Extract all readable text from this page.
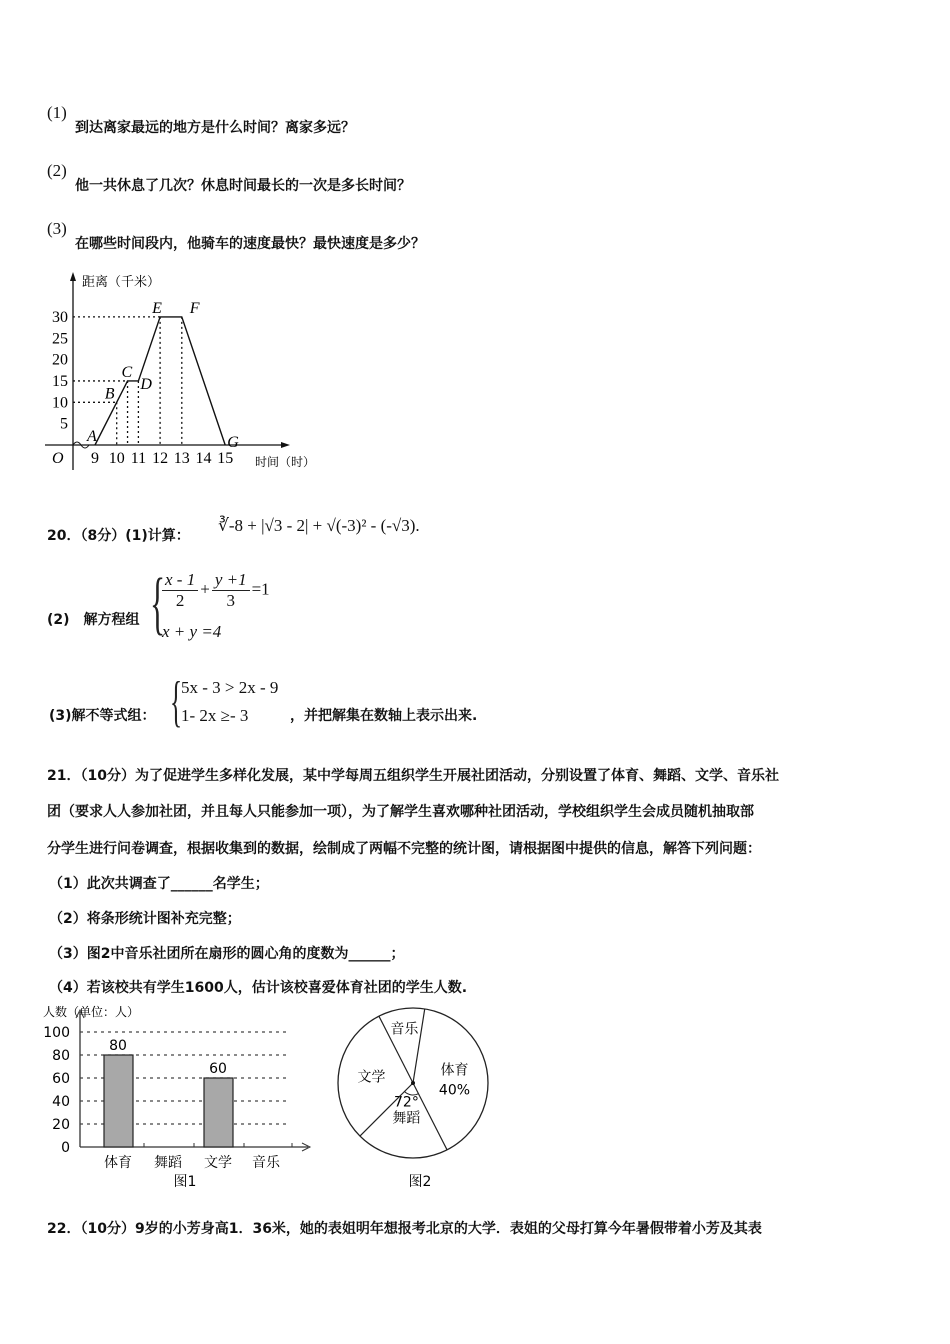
(1)
到达离家最远的地方是什么时间？离家多远？
(2)
他一共休息了几次？休息时间最长的一次是多长时间？
(3)
在哪些时间段内，他骑车的速度最快？最快速度是多少？
距离（千米）
时间（时）
O
5
10
15
20
25
30
9 10 11 12 13 14 15
A
B
C
D
E F
G
人数（单位：人）
0
20
40
60
80
100
80
体育 舞蹈
60
文学 音乐
图1
体育
40%
舞蹈
72°
文学
音乐
图2
20．（8分）(1)计算：
∛-8 + |√3 - 2| + √(-3)² - (-√3).
(2)　解方程组 {
$\frac{x - 1}{2} + \frac{y +1}{3} =1$
x + y =4
(3)解不等式组： {
5x - 3 > 2x - 9
1- 2x ≥- 3	，并把解集在数轴上表示出来.
21．（10分）为了促进学生多样化发展，某中学每周五组织学生开展社团活动，分别设置了体育、舞蹈、文学、音乐社
团（要求人人参加社团，并且每人只能参加一项），为了解学生喜欢哪种社团活动，学校组织学生会成员随机抽取部
分学生进行问卷调查，根据收集到的数据，绘制成了两幅不完整的统计图，请根据图中提供的信息，解答下列问题：
（1）此次共调查了______名学生；
（2）将条形统计图补充完整；
（3）图2中音乐社团所在扇形的圆心角的度数为______；
（4）若该校共有学生1600人，估计该校喜爱体育社团的学生人数.
22．（10分）9岁的小芳身高1．36米，她的表姐明年想报考北京的大学．表姐的父母打算今年暑假带着小芳及其表
